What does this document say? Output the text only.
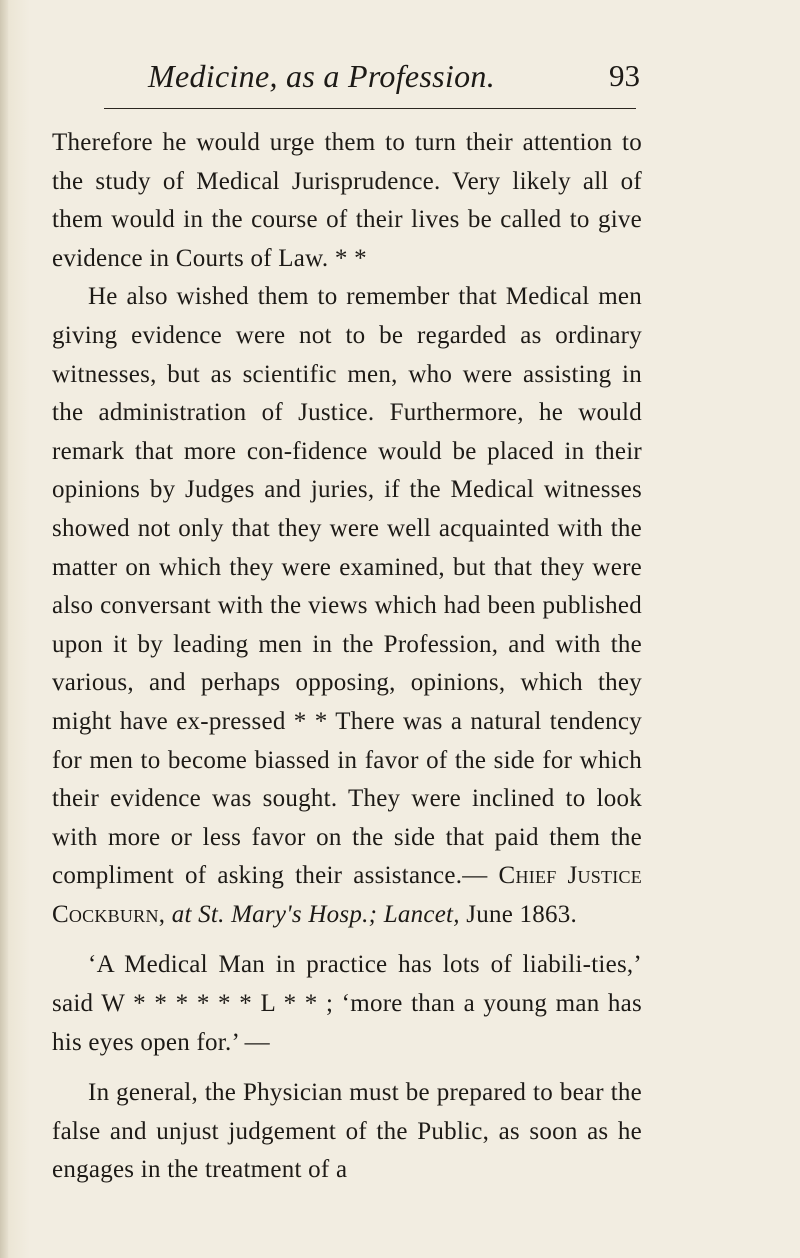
Medicine, as a Profession.	93

Therefore he would urge them to turn their attention to the study of Medical Jurisprudence. Very likely all of them would in the course of their lives be called to give evidence in Courts of Law. * *

He also wished them to remember that Medical men giving evidence were not to be regarded as ordinary witnesses, but as scientific men, who were assisting in the administration of Justice. Furthermore, he would remark that more con-fidence would be placed in their opinions by Judges and juries, if the Medical witnesses showed not only that they were well acquainted with the matter on which they were examined, but that they were also conversant with the views which had been published upon it by leading men in the Profession, and with the various, and perhaps opposing, opinions, which they might have ex-pressed * * There was a natural tendency for men to become biassed in favor of the side for which their evidence was sought. They were inclined to look with more or less favor on the side that paid them the compliment of asking their assistance.— Chief Justice Cockburn, at St. Mary's Hosp.; Lancet, June 1863.

‘A Medical Man in practice has lots of liabili-ties,’ said W * * * * * * L * * ; ‘more than a young man has his eyes open for.’ —

In general, the Physician must be prepared to bear the false and unjust judgement of the Public, as soon as he engages in the treatment of a
